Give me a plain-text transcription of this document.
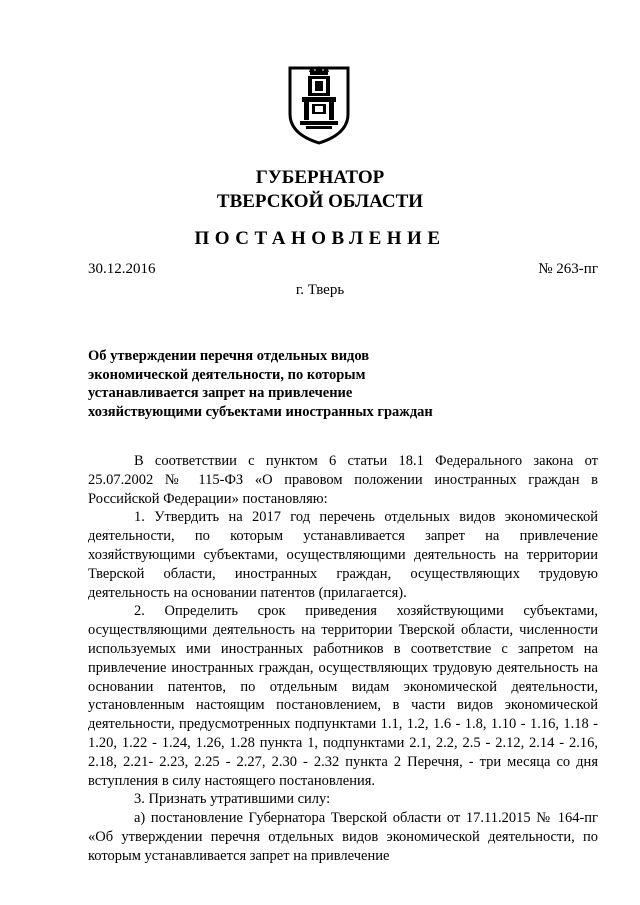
ГУБЕРНАТОР
ТВЕРСКОЙ ОБЛАСТИ
ПОСТАНОВЛЕНИЕ
30.12.2016	№ 263-пг
г. Тверь
Об утверждении перечня отдельных видов
экономической деятельности, по которым
устанавливается запрет на привлечение
хозяйствующими субъектами иностранных граждан

В соответствии с пунктом 6 статьи 18.1 Федерального закона от 25.07.2002 № 115-ФЗ «О правовом положении иностранных граждан в Российской Федерации» постановляю:

1. Утвердить на 2017 год перечень отдельных видов экономической деятельности, по которым устанавливается запрет на привлечение хозяйствующими субъектами, осуществляющими деятельность на территории Тверской области, иностранных граждан, осуществляющих трудовую деятельность на основании патентов (прилагается).

2. Определить срок приведения хозяйствующими субъектами, осуществляющими деятельность на территории Тверской области, численности используемых ими иностранных работников в соответствие с запретом на привлечение иностранных граждан, осуществляющих трудовую деятельность на основании патентов, по отдельным видам экономической деятельности, установленным настоящим постановлением, в части видов экономической деятельности, предусмотренных подпунктами 1.1, 1.2, 1.6 - 1.8, 1.10 - 1.16, 1.18 - 1.20, 1.22 - 1.24, 1.26, 1.28 пункта 1, подпунктами 2.1, 2.2, 2.5 - 2.12, 2.14 - 2.16, 2.18, 2.21- 2.23, 2.25 - 2.27, 2.30 - 2.32 пункта 2 Перечня, - три месяца со дня вступления в силу настоящего постановления.

3. Признать утратившими силу:

а) постановление Губернатора Тверской области от 17.11.2015 № 164-пг «Об утверждении перечня отдельных видов экономической деятельности, по которым устанавливается запрет на привлечение
